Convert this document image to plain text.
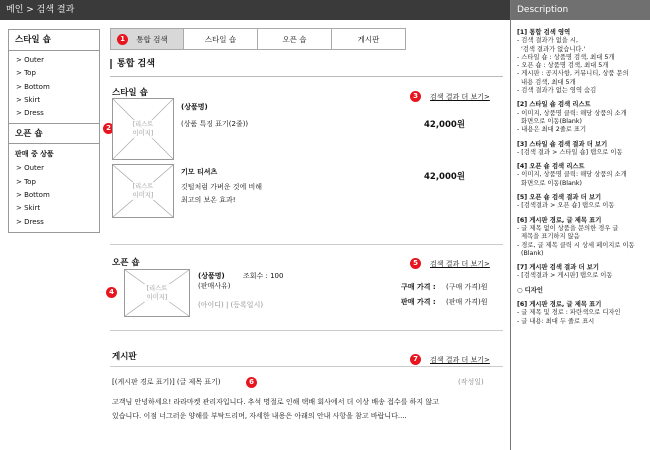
메인 > 검색 결과	Description
[1] 통합 검색 영역
- 검색 결과가 없을 시,
'검색 결과가 없습니다.'
- 스타일 숍 : 상품명 검색, 최대 5개
- 오픈 숍 : 상품명 검색, 최대 5개
- 게시판 : 공지사항, 커뮤니티, 상품 문의
내용 검색, 최대 5개
- 검색 결과가 없는 영역 숨김
[2] 스타일 숍 검색 리스트
- 이미지, 상품명 클릭: 해당 상품의 소개
화면으로 이동(Blank)
- 내용은 최대 2줄로 표기
[3] 스타일 숍 검색 결과 더 보기
- [검색 결과 > 스타일 숍] 탭으로 이동
[4] 오픈 숍 검색 리스트
- 이미지, 상품명 클릭: 해당 상품의 소개
화면으로 이동(Blank)
[5] 오픈 숍 검색 결과 더 보기
- [검색결과 > 오픈 숍] 탭으로 이동
[6] 게시판 경로, 글 제목 표기
- 글 제목 없이 상품을 문의한 경우 글
제목을 표기하지 않음
- 경로, 글 제목 클릭 시 상세 페이지로 이동
(Blank)
[7] 게시판 검색 결과 더 보기
- [검색결과 > 게시판] 탭으로 이동
○ 디자인
[6] 게시판 경로, 글 제목 표기
- 글 제목 및 경로 : 파란색으로 디자인
- 글 내용: 최대 두 줄로 표시
스타일 숍
> Outer
> Top
> Bottom
> Skirt
> Dress
오픈 숍
판매 중 상품
> Outer
> Top
> Bottom
> Skirt
> Dress
1	통합 검색	스타일 숍	오픈 숍	게시판
통합 검색
스타일 숍	3	검색 결과 더 보기>
2	[리스트
이미지]
(상품명)
(상품 특징 표기(2줄))	42,000원
[리스트
이미지]
기모 티셔츠
깃털처럼 가벼운 것에 비해
최고의 보온 효과!
42,000원
오픈 숍	5	검색 결과 더 보기>
4	[리스트
이미지]
(상품명)	조회수 : 100
(판매사유)	구매 가격 : (구매 가격)원
판매 가격 : (판매 가격)원
(아이디) | (등록일시)
게시판	7	검색 결과 더 보기>
[(게시판 경로 표기)] (글 제목 표기)	6	(작성일)
고객님 안녕하세요! 라라마켓 관리자입니다. 추석 명절로 인해 택배 회사에서 더 이상 배송 접수를 하지 않고
있습니다. 이점 너그러운 양해를 부탁드리며, 자세한 내용은 아래의 안내 사항을 참고 바랍니다....
